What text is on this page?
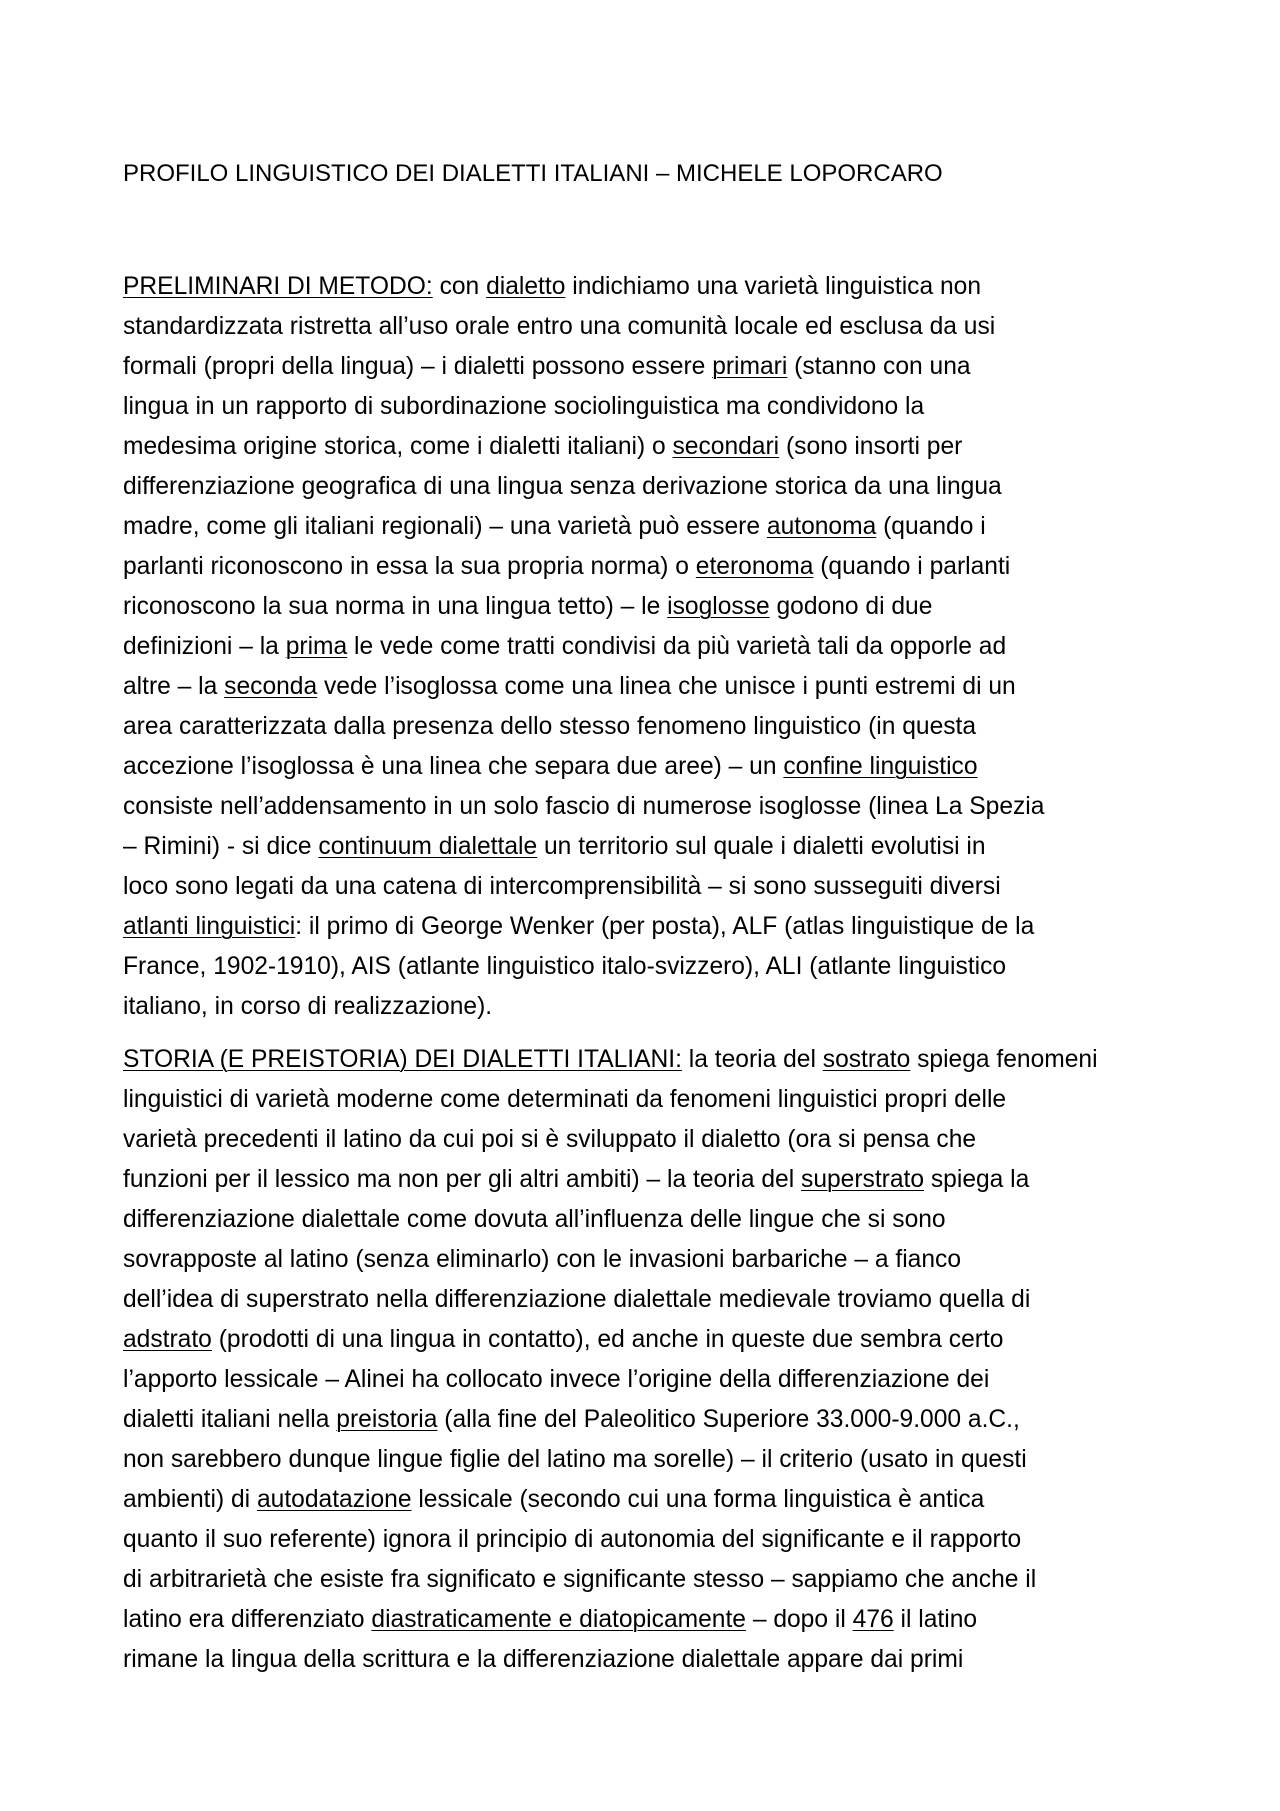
PROFILO LINGUISTICO DEI DIALETTI ITALIANI – MICHELE LOPORCARO
PRELIMINARI DI METODO: con dialetto indichiamo una varietà linguistica non
standardizzata ristretta all’uso orale entro una comunità locale ed esclusa da usi
formali (propri della lingua) – i dialetti possono essere primari (stanno con una
lingua in un rapporto di subordinazione sociolinguistica ma condividono la
medesima origine storica, come i dialetti italiani) o secondari (sono insorti per
differenziazione geografica di una lingua senza derivazione storica da una lingua
madre, come gli italiani regionali) – una varietà può essere autonoma (quando i
parlanti riconoscono in essa la sua propria norma) o eteronoma (quando i parlanti
riconoscono la sua norma in una lingua tetto) – le isoglosse godono di due
definizioni – la prima le vede come tratti condivisi da più varietà tali da opporle ad
altre – la seconda vede l’isoglossa come una linea che unisce i punti estremi di un
area caratterizzata dalla presenza dello stesso fenomeno linguistico (in questa
accezione l’isoglossa è una linea che separa due aree) – un confine linguistico
consiste nell’addensamento in un solo fascio di numerose isoglosse (linea La Spezia
– Rimini) - si dice continuum dialettale un territorio sul quale i dialetti evolutisi in
loco sono legati da una catena di intercomprensibilità – si sono susseguiti diversi
atlanti linguistici: il primo di George Wenker (per posta), ALF (atlas linguistique de la
France, 1902-1910), AIS (atlante linguistico italo-svizzero), ALI (atlante linguistico
italiano, in corso di realizzazione).
STORIA (E PREISTORIA) DEI DIALETTI ITALIANI: la teoria del sostrato spiega fenomeni
linguistici di varietà moderne come determinati da fenomeni linguistici propri delle
varietà precedenti il latino da cui poi si è sviluppato il dialetto (ora si pensa che
funzioni per il lessico ma non per gli altri ambiti) – la teoria del superstrato spiega la
differenziazione dialettale come dovuta all’influenza delle lingue che si sono
sovrapposte al latino (senza eliminarlo) con le invasioni barbariche – a fianco
dell’idea di superstrato nella differenziazione dialettale medievale troviamo quella di
adstrato (prodotti di una lingua in contatto), ed anche in queste due sembra certo
l’apporto lessicale – Alinei ha collocato invece l’origine della differenziazione dei
dialetti italiani nella preistoria (alla fine del Paleolitico Superiore 33.000-9.000 a.C.,
non sarebbero dunque lingue figlie del latino ma sorelle) – il criterio (usato in questi
ambienti) di autodatazione lessicale (secondo cui una forma linguistica è antica
quanto il suo referente) ignora il principio di autonomia del significante e il rapporto
di arbitrarietà che esiste fra significato e significante stesso – sappiamo che anche il
latino era differenziato diastraticamente e diatopicamente – dopo il 476 il latino
rimane la lingua della scrittura e la differenziazione dialettale appare dai primi
